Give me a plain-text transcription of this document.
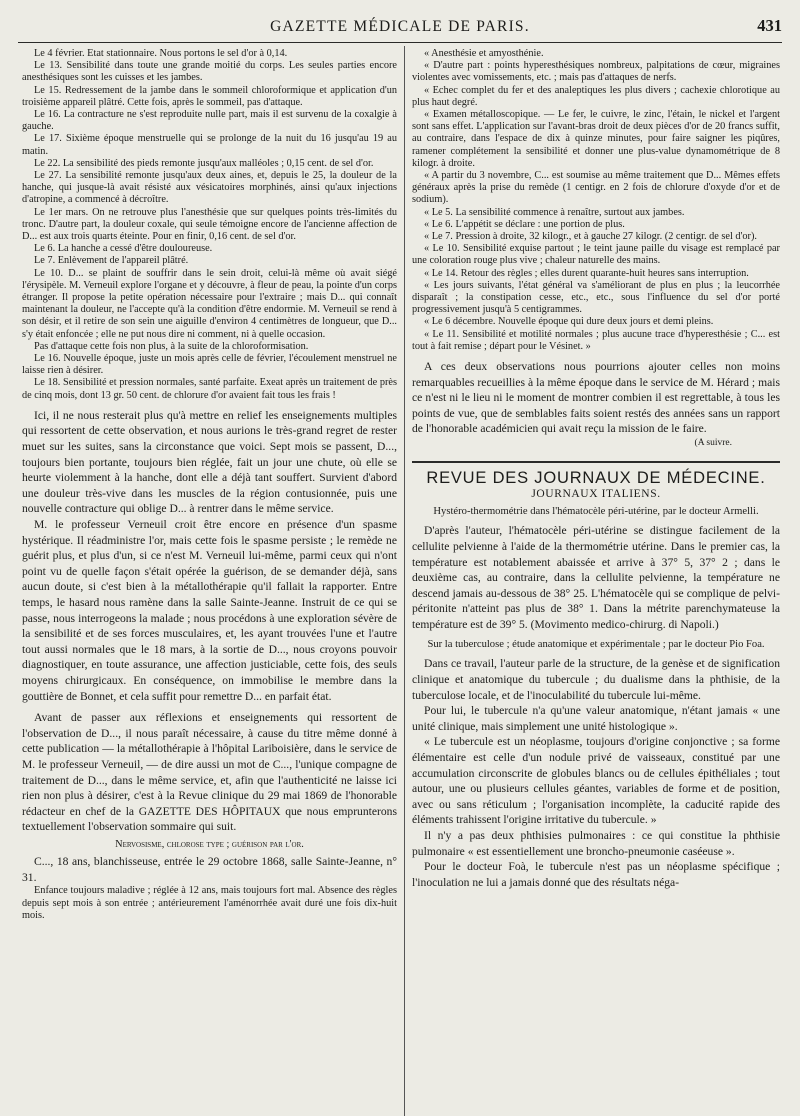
GAZETTE MÉDICALE DE PARIS.	431

Le 4 février. Etat stationnaire. Nous portons le sel d'or à 0,14.

Le 13. Sensibilité dans toute une grande moitié du corps. Les seules parties encore anesthésiques sont les cuisses et les jambes.

Le 15. Redressement de la jambe dans le sommeil chloroformique et application d'un troisième appareil plâtré. Cette fois, après le sommeil, pas d'attaque.

Le 16. La contracture ne s'est reproduite nulle part, mais il est survenu de la coxalgie à gauche.

Le 17. Sixième époque menstruelle qui se prolonge de la nuit du 16 jusqu'au 19 au matin.

Le 22. La sensibilité des pieds remonte jusqu'aux malléoles ; 0,15 cent. de sel d'or.

Le 27. La sensibilité remonte jusqu'aux deux aines, et, depuis le 25, la douleur de la hanche, qui jusque-là avait résisté aux vésicatoires morphinés, ainsi qu'aux injections d'atropine, a commencé à décroître.

Le 1er mars. On ne retrouve plus l'anesthésie que sur quelques points très-limités du tronc. D'autre part, la douleur coxale, qui seule témoigne encore de l'ancienne affection de D... est aux trois quarts éteinte. Pour en finir, 0,16 cent. de sel d'or.

Le 6. La hanche a cessé d'être douloureuse.

Le 7. Enlèvement de l'appareil plâtré.

Le 10. D... se plaint de souffrir dans le sein droit, celui-là même où avait siégé l'érysipèle. M. Verneuil explore l'organe et y découvre, à fleur de peau, la pointe d'un corps étranger. Il propose la petite opération nécessaire pour l'extraire ; mais D... qui connaît maintenant la douleur, ne l'accepte qu'à la condition d'être endormie. M. Verneuil se rend à son désir, et il retire de son sein une aiguille d'environ 4 centimètres de longueur, que D... s'y était enfoncée ; elle ne put nous dire ni comment, ni à quelle occasion.

Pas d'attaque cette fois non plus, à la suite de la chloroformisation.

Le 16. Nouvelle époque, juste un mois après celle de février, l'écoulement menstruel ne laisse rien à désirer.

Le 18. Sensibilité et pression normales, santé parfaite. Exeat après un traitement de près de cinq mois, dont 13 gr. 50 cent. de chlorure d'or avaient fait tous les frais !

Ici, il ne nous resterait plus qu'à mettre en relief les enseignements multiples qui ressortent de cette observation, et nous aurions le très-grand regret de rester muet sur les suites, sans la circonstance que voici. Sept mois se passent, D..., toujours bien portante, toujours bien réglée, fait un jour une chute, où elle se heurte violemment à la hanche, dont elle a déjà tant souffert. Survient d'abord une douleur très-vive dans les muscles de la région contusionnée, puis une nouvelle contracture qui oblige D... à rentrer dans le même service.

M. le professeur Verneuil croit être encore en présence d'un spasme hystérique. Il réadministre l'or, mais cette fois le spasme persiste ; le remède ne guérit plus, et plus d'un, si ce n'est M. Verneuil lui-même, parmi ceux qui n'ont point vu de quelle façon s'était opérée la guérison, de se demander déjà, sans aucun doute, si c'est bien à la métallothérapie qu'il fallait la rapporter. Entre temps, le hasard nous ramène dans la salle Sainte-Jeanne. Instruit de ce qui se passe, nous interrogeons la malade ; nous procédons à une exploration sévère de la sensibilité et de ses forces musculaires, et, les ayant trouvées l'une et l'autre tout aussi normales que le 18 mars, à la sortie de D..., nous croyons pouvoir diagnostiquer, en toute assurance, une affection justiciable, cette fois, des seuls moyens chirurgicaux. En conséquence, on immobilise le membre dans la gouttière de Bonnet, et cela suffit pour remettre D... en parfait état.

Avant de passer aux réflexions et enseignements qui ressortent de l'observation de D..., il nous paraît nécessaire, à cause du titre même donné à cette publication — la métallothérapie à l'hôpital Lariboisière, dans le service de M. le professeur Verneuil, — de dire aussi un mot de C..., l'unique compagne de traitement de D..., dans le même service, et, afin que l'authenticité ne laisse ici rien non plus à désirer, c'est à la Revue clinique du 29 mai 1869 de l'honorable rédacteur en chef de la GAZETTE DES HÔPITAUX que nous emprunterons textuellement l'observation sommaire qui suit.

Nervosisme, chlorose type ; guérison par l'or.

C..., 18 ans, blanchisseuse, entrée le 29 octobre 1868, salle Sainte-Jeanne, n° 31.

Enfance toujours maladive ; réglée à 12 ans, mais toujours fort mal. Absence des règles depuis sept mois à son entrée ; antérieurement l'aménorrhée avait duré une fois dix-huit mois.

« Anesthésie et amyosthénie.

« D'autre part : points hyperesthésiques nombreux, palpitations de cœur, migraines violentes avec vomissements, etc. ; mais pas d'attaques de nerfs.

« Echec complet du fer et des analeptiques les plus divers ; cachexie chlorotique au plus haut degré.

« Examen métalloscopique. — Le fer, le cuivre, le zinc, l'étain, le nickel et l'argent sont sans effet. L'application sur l'avant-bras droit de deux pièces d'or de 20 francs suffit, au contraire, dans l'espace de dix à quinze minutes, pour faire saigner les piqûres, ramener complétement la sensibilité et donner une plus-value dynamométrique de 8 kilogr. à droite.

« A partir du 3 novembre, C... est soumise au même traitement que D... Mêmes effets généraux après la prise du remède (1 centigr. en 2 fois de chlorure d'oxyde d'or et de sodium).

« Le 5. La sensibilité commence à renaître, surtout aux jambes.

« Le 6. L'appétit se déclare : une portion de plus.

« Le 7. Pression à droite, 32 kilogr., et à gauche 27 kilogr. (2 centigr. de sel d'or).

« Le 10. Sensibilité exquise partout ; le teint jaune paille du visage est remplacé par une coloration rouge plus vive ; chaleur naturelle des mains.

« Le 14. Retour des règles ; elles durent quarante-huit heures sans interruption.

« Les jours suivants, l'état général va s'améliorant de plus en plus ; la leucorrhée disparaît ; la constipation cesse, etc., etc., sous l'influence du sel d'or porté progressivement jusqu'à 5 centigrammes.

« Le 6 décembre. Nouvelle époque qui dure deux jours et demi pleins.

« Le 11. Sensibilité et motilité normales ; plus aucune trace d'hyperesthésie ; C... est tout à fait remise ; départ pour le Vésinet. »

A ces deux observations nous pourrions ajouter celles non moins remarquables recueillies à la même époque dans le service de M. Hérard ; mais ce n'est ni le lieu ni le moment de montrer combien il est regrettable, à tous les points de vue, que de semblables faits soient restés des années sans un rapport de l'honorable académicien qui avait reçu la mission de le faire.

(A suivre.

REVUE DES JOURNAUX DE MÉDECINE.
JOURNAUX ITALIENS.

Hystéro-thermométrie dans l'hématocèle péri-utérine, par le docteur Armelli.

D'après l'auteur, l'hématocèle péri-utérine se distingue facilement de la cellulite pelvienne à l'aide de la thermométrie utérine. Dans le premier cas, la température est notablement abaissée et arrive à 37° 5, 37° 2 ; dans le deuxième cas, au contraire, dans la cellulite pelvienne, la température ne descend jamais au-dessous de 38° 25. L'hématocèle qui se complique de pelvi-péritonite n'atteint pas plus de 38° 1. Dans la métrite parenchymateuse la température est de 39° 5. (Movimento medico-chirurg. di Napoli.)

Sur la tuberculose ; étude anatomique et expérimentale ; par le docteur Pio Foa.

Dans ce travail, l'auteur parle de la structure, de la genèse et de signification clinique et anatomique du tubercule ; du dualisme dans la phthisie, de la tuberculose locale, et de l'inoculabilité du tubercule lui-même.

Pour lui, le tubercule n'a qu'une valeur anatomique, n'étant jamais « une unité clinique, mais simplement une unité histologique ».

« Le tubercule est un néoplasme, toujours d'origine conjonctive ; sa forme élémentaire est celle d'un nodule privé de vaisseaux, constitué par une accumulation circonscrite de globules blancs ou de cellules épithéliales ; tout autour, une ou plusieurs cellules géantes, variables de forme et de position, avec ou sans réticulum ; l'organisation incomplète, la caducité rapide des éléments trahissent l'origine irritative du tubercule. »

Il n'y a pas deux phthisies pulmonaires : ce qui constitue la phthisie pulmonaire « est essentiellement une broncho-pneumonie caséeuse ».

Pour le docteur Foà, le tubercule n'est pas un néoplasme spécifique ; l'inoculation ne lui a jamais donné que des résultats néga-
